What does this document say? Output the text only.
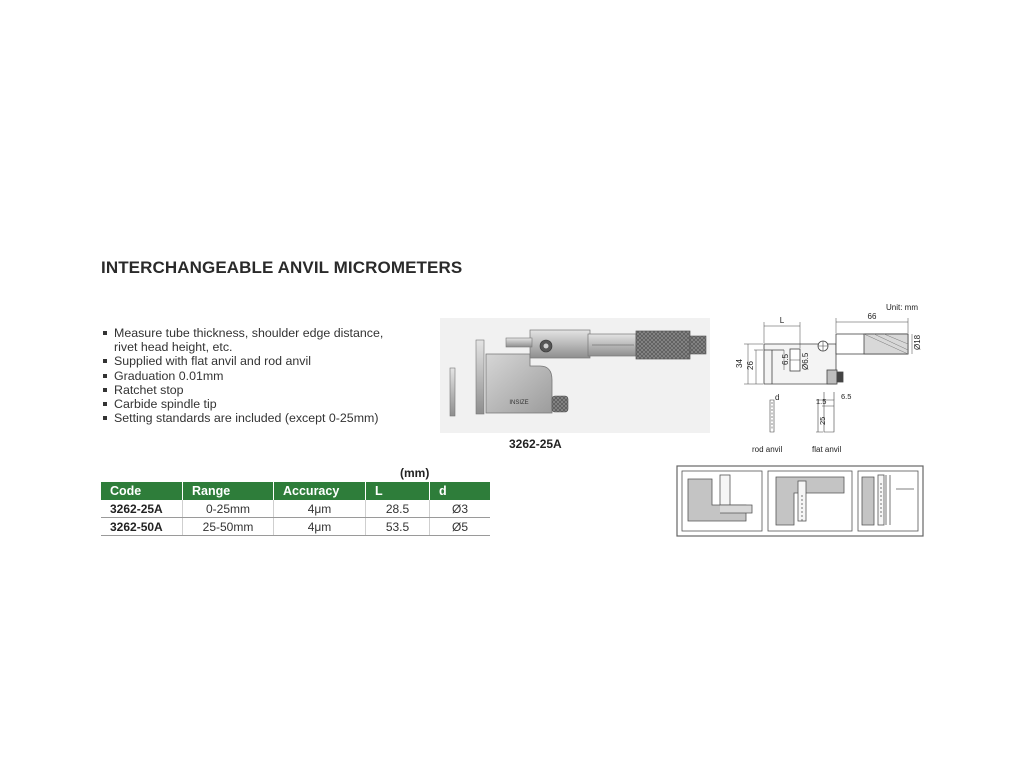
INTERCHANGEABLE ANVIL MICROMETERS
Measure tube thickness, shoulder edge distance, rivet head height, etc.
Supplied with flat anvil and rod anvil
Graduation 0.01mm
Ratchet stop
Carbide spindle tip
Setting standards are included (except 0-25mm)
INSIZE
3262-25A
Unit: mm
L	66
Ø18
34 26
6.5 Ø6.5
d	1.5
6.5
25
rod anvil	flat anvil
(mm)
Code	Range	Accuracy	L	d
3262-25A	0-25mm	4μm	28.5	Ø3
3262-50A	25-50mm	4μm	53.5	Ø5
